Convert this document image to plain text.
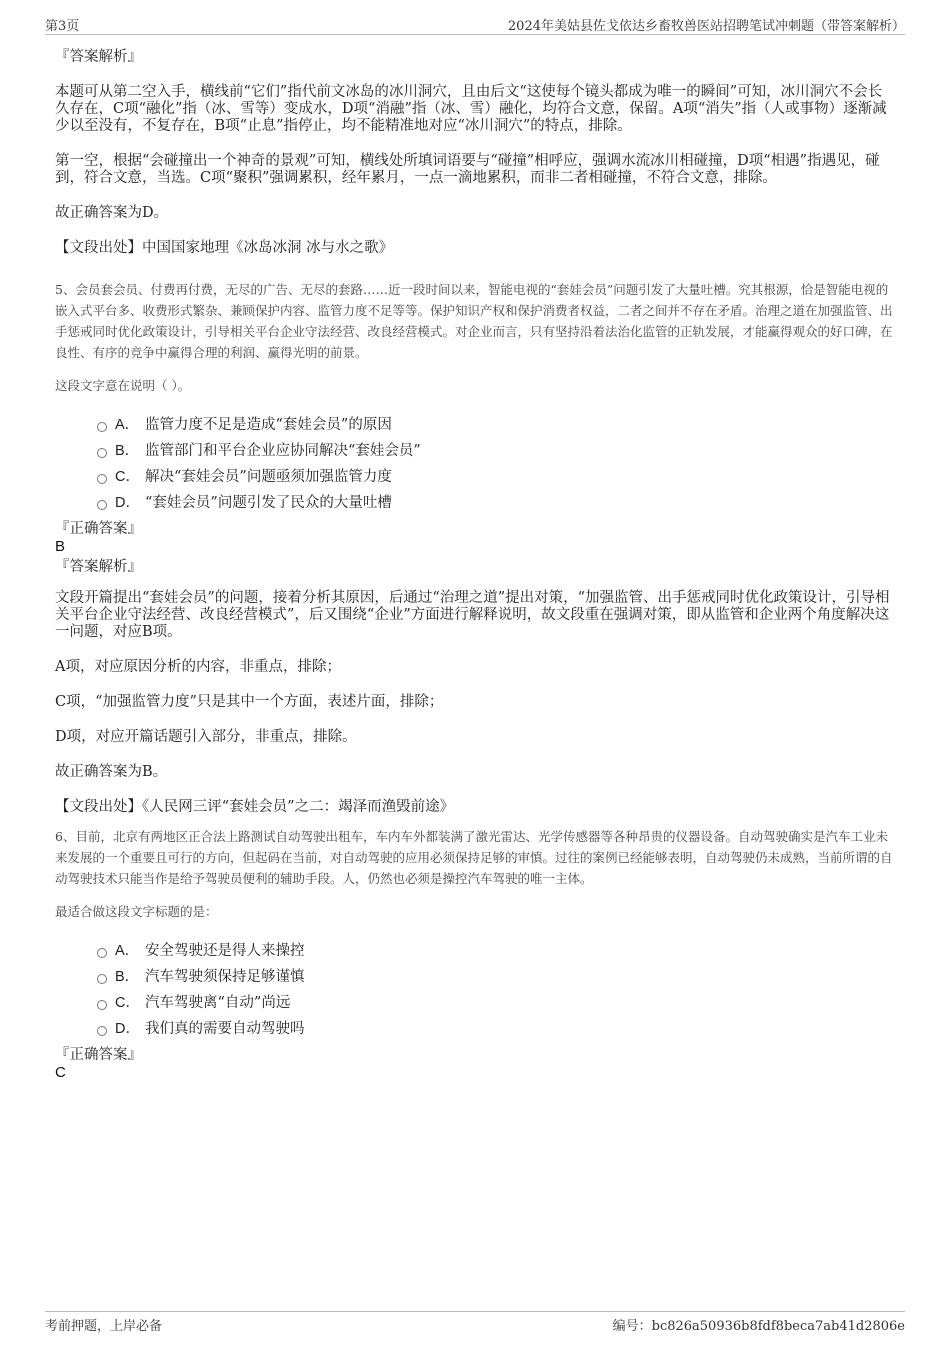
第3页	2024年美姑县佐戈依达乡畜牧兽医站招聘笔试冲刺题（带答案解析）

『答案解析』

本题可从第二空入手，横线前“它们”指代前文冰岛的冰川洞穴，且由后文“这使每个镜头都成为唯一的瞬间”可知，冰川洞穴不会长久存在，C项“融化”指（冰、雪等）变成水，D项“消融”指（冰、雪）融化，均符合文意，保留。A项“消失”指（人或事物）逐渐减少以至没有，不复存在，B项“止息”指停止，均不能精准地对应“冰川洞穴”的特点，排除。

第一空，根据“会碰撞出一个神奇的景观”可知，横线处所填词语要与“碰撞”相呼应，强调水流冰川相碰撞，D项“相遇”指遇见，碰到，符合文意，当选。C项“聚积”强调累积，经年累月，一点一滴地累积，而非二者相碰撞，不符合文意，排除。

故正确答案为D。

【文段出处】中国国家地理《冰岛冰洞 冰与水之歌》

5、会员套会员、付费再付费，无尽的广告、无尽的套路……近一段时间以来，智能电视的“套娃会员”问题引发了大量吐槽。究其根源，恰是智能电视的嵌入式平台多、收费形式繁杂、兼顾保护内容、监管力度不足等等。保护知识产权和保护消费者权益，二者之间并不存在矛盾。治理之道在加强监管、出手惩戒同时优化政策设计，引导相关平台企业守法经营、改良经营模式。对企业而言，只有坚持沿着法治化监管的正轨发展，才能赢得观众的好口碑，在良性、有序的竞争中赢得合理的利润、赢得光明的前景。

这段文字意在说明（ ）。

A． 监管力度不足是造成“套娃会员”的原因
B． 监管部门和平台企业应协同解决“套娃会员”
C． 解决“套娃会员”问题亟须加强监管力度
D． “套娃会员”问题引发了民众的大量吐槽

『正确答案』

B

『答案解析』

文段开篇提出“套娃会员”的问题，接着分析其原因，后通过“治理之道”提出对策，“加强监管、出手惩戒同时优化政策设计，引导相关平台企业守法经营、改良经营模式”，后又围绕“企业”方面进行解释说明，故文段重在强调对策，即从监管和企业两个角度解决这一问题，对应B项。

A项，对应原因分析的内容，非重点，排除；

C项，“加强监管力度”只是其中一个方面，表述片面，排除；

D项，对应开篇话题引入部分，非重点，排除。

故正确答案为B。

【文段出处】《人民网三评“套娃会员”之二：竭泽而渔毁前途》

6、目前，北京有两地区正合法上路测试自动驾驶出租车，车内车外都装满了激光雷达、光学传感器等各种昂贵的仪器设备。自动驾驶确实是汽车工业未来发展的一个重要且可行的方向，但起码在当前，对自动驾驶的应用必须保持足够的审慎。过往的案例已经能够表明，自动驾驶仍未成熟，当前所谓的自动驾驶技术只能当作是给予驾驶员便利的辅助手段。人，仍然也必须是操控汽车驾驶的唯一主体。

最适合做这段文字标题的是：

A． 安全驾驶还是得人来操控
B． 汽车驾驶须保持足够谨慎
C． 汽车驾驶离“自动”尚远
D． 我们真的需要自动驾驶吗

『正确答案』

C

考前押题，上岸必备	编号：bc826a50936b8fdf8beca7ab41d2806e
